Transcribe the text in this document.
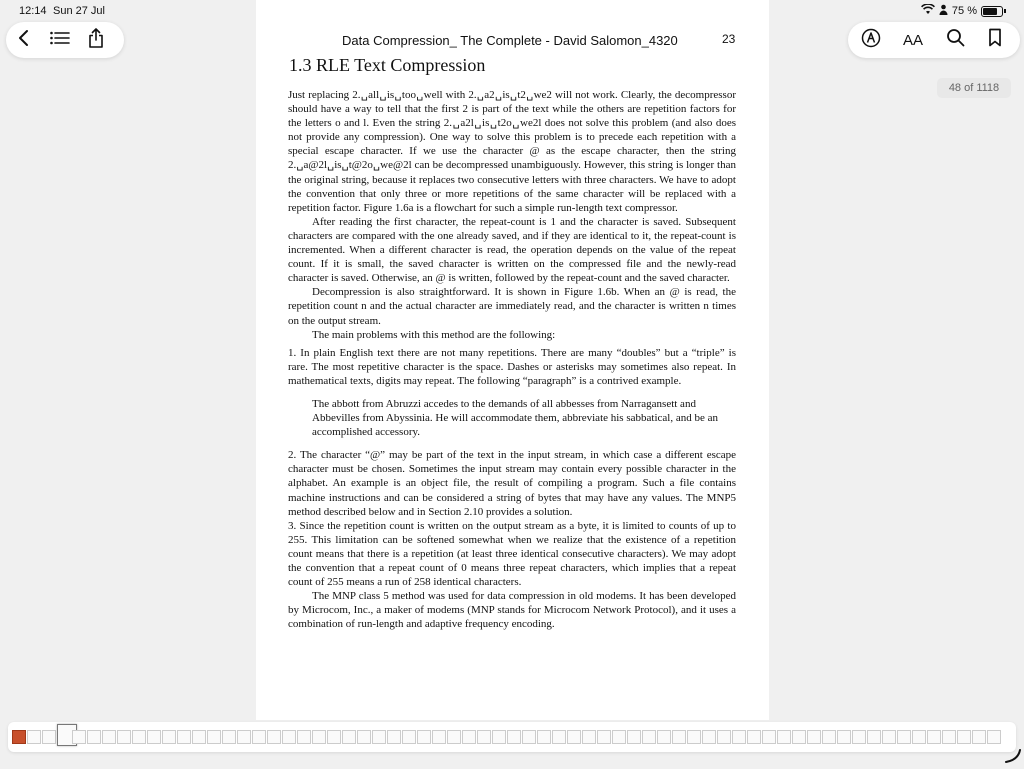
12:14 Sun 27 Jul	75 %
AA
Data Compression_ The Complete - David Salomon_4320	23
1.3 RLE Text Compression

Just replacing 2.␣all␣is␣too␣well with 2.␣a2␣is␣t2␣we2 will not work. Clearly, the decompressor should have a way to tell that the first 2 is part of the text while the others are repetition factors for the letters o and l. Even the string 2.␣a2l␣is␣t2o␣we2l does not solve this problem (and also does not provide any compression). One way to solve this problem is to precede each repetition with a special escape character. If we use the character @ as the escape character, then the string 2.␣a@2l␣is␣t@2o␣we@2l can be decompressed unambiguously. However, this string is longer than the original string, because it replaces two consecutive letters with three characters. We have to adopt the convention that only three or more repetitions of the same character will be replaced with a repetition factor. Figure 1.6a is a flowchart for such a simple run-length text compressor.

After reading the first character, the repeat-count is 1 and the character is saved. Subsequent characters are compared with the one already saved, and if they are identical to it, the repeat-count is incremented. When a different character is read, the operation depends on the value of the repeat count. If it is small, the saved character is written on the compressed file and the newly-read character is saved. Otherwise, an @ is written, followed by the repeat-count and the saved character.

Decompression is also straightforward. It is shown in Figure 1.6b. When an @ is read, the repetition count n and the actual character are immediately read, and the character is written n times on the output stream.

The main problems with this method are the following:

1. In plain English text there are not many repetitions. There are many “doubles” but a “triple” is rare. The most repetitive character is the space. Dashes or asterisks may sometimes also repeat. In mathematical texts, digits may repeat. The following “paragraph” is a contrived example.

The abbott from Abruzzi accedes to the demands of all abbesses from Narragansett and Abbevilles from Abyssinia. He will accommodate them, abbreviate his sabbatical, and be an accomplished accessory.

2. The character “@” may be part of the text in the input stream, in which case a different escape character must be chosen. Sometimes the input stream may contain every possible character in the alphabet. An example is an object file, the result of compiling a program. Such a file contains machine instructions and can be considered a string of bytes that may have any values. The MNP5 method described below and in Section 2.10 provides a solution.

3. Since the repetition count is written on the output stream as a byte, it is limited to counts of up to 255. This limitation can be softened somewhat when we realize that the existence of a repetition count means that there is a repetition (at least three identical consecutive characters). We may adopt the convention that a repeat count of 0 means three repeat characters, which implies that a repeat count of 255 means a run of 258 identical characters.

The MNP class 5 method was used for data compression in old modems. It has been developed by Microcom, Inc., a maker of modems (MNP stands for Microcom Network Protocol), and it uses a combination of run-length and adaptive frequency encoding.

48 of 1118
